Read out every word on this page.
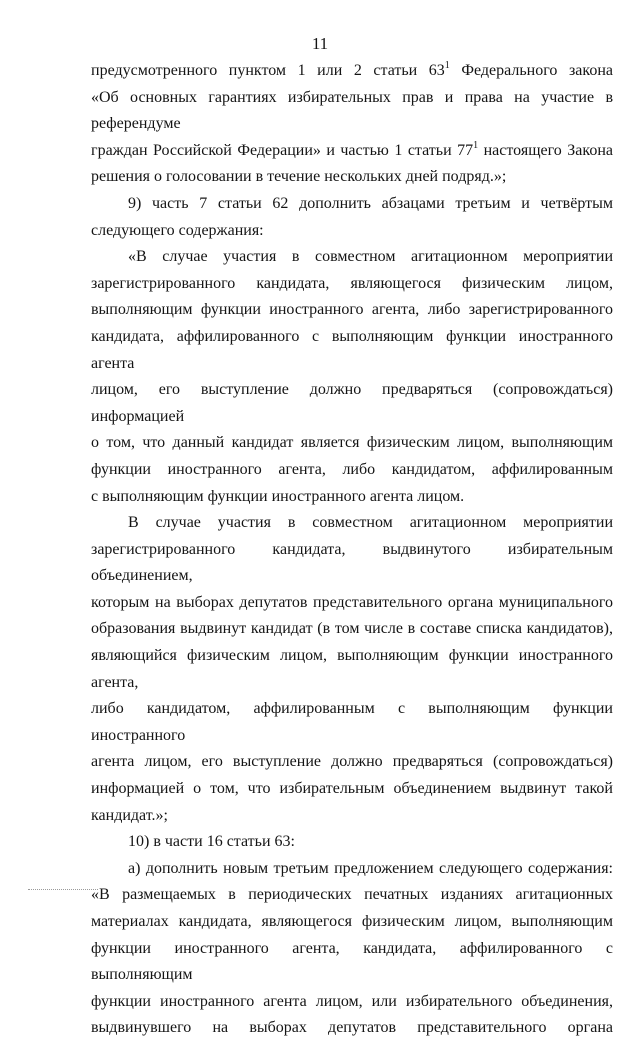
11
предусмотренного пунктом 1 или 2 статьи $63^1$ Федерального закона
«Об основных гарантиях избирательных прав и права на участие в референдуме
граждан Российской Федерации» и частью 1 статьи $77^1$ настоящего Закона
решения о голосовании в течение нескольких дней подряд.»;
9) часть 7 статьи 62 дополнить абзацами третьим и четвёртым
следующего содержания:
«В случае участия в совместном агитационном мероприятии
зарегистрированного кандидата, являющегося физическим лицом,
выполняющим функции иностранного агента, либо зарегистрированного
кандидата, аффилированного с выполняющим функции иностранного агента
лицом, его выступление должно предваряться (сопровождаться) информацией
о том, что данный кандидат является физическим лицом, выполняющим
функции иностранного агента, либо кандидатом, аффилированным
с выполняющим функции иностранного агента лицом.
В случае участия в совместном агитационном мероприятии
зарегистрированного кандидата, выдвинутого избирательным объединением,
которым на выборах депутатов представительного органа муниципального
образования выдвинут кандидат (в том числе в составе списка кандидатов),
являющийся физическим лицом, выполняющим функции иностранного агента,
либо кандидатом, аффилированным с выполняющим функции иностранного
агента лицом, его выступление должно предваряться (сопровождаться)
информацией о том, что избирательным объединением выдвинут такой
кандидат.»;
10) в части 16 статьи 63:
а) дополнить новым третьим предложением следующего содержания:
«В размещаемых в периодических печатных изданиях агитационных
материалах кандидата, являющегося физическим лицом, выполняющим
функции иностранного агента, кандидата, аффилированного с выполняющим
функции иностранного агента лицом, или избирательного объединения,
выдвинувшего на выборах депутатов представительного органа
